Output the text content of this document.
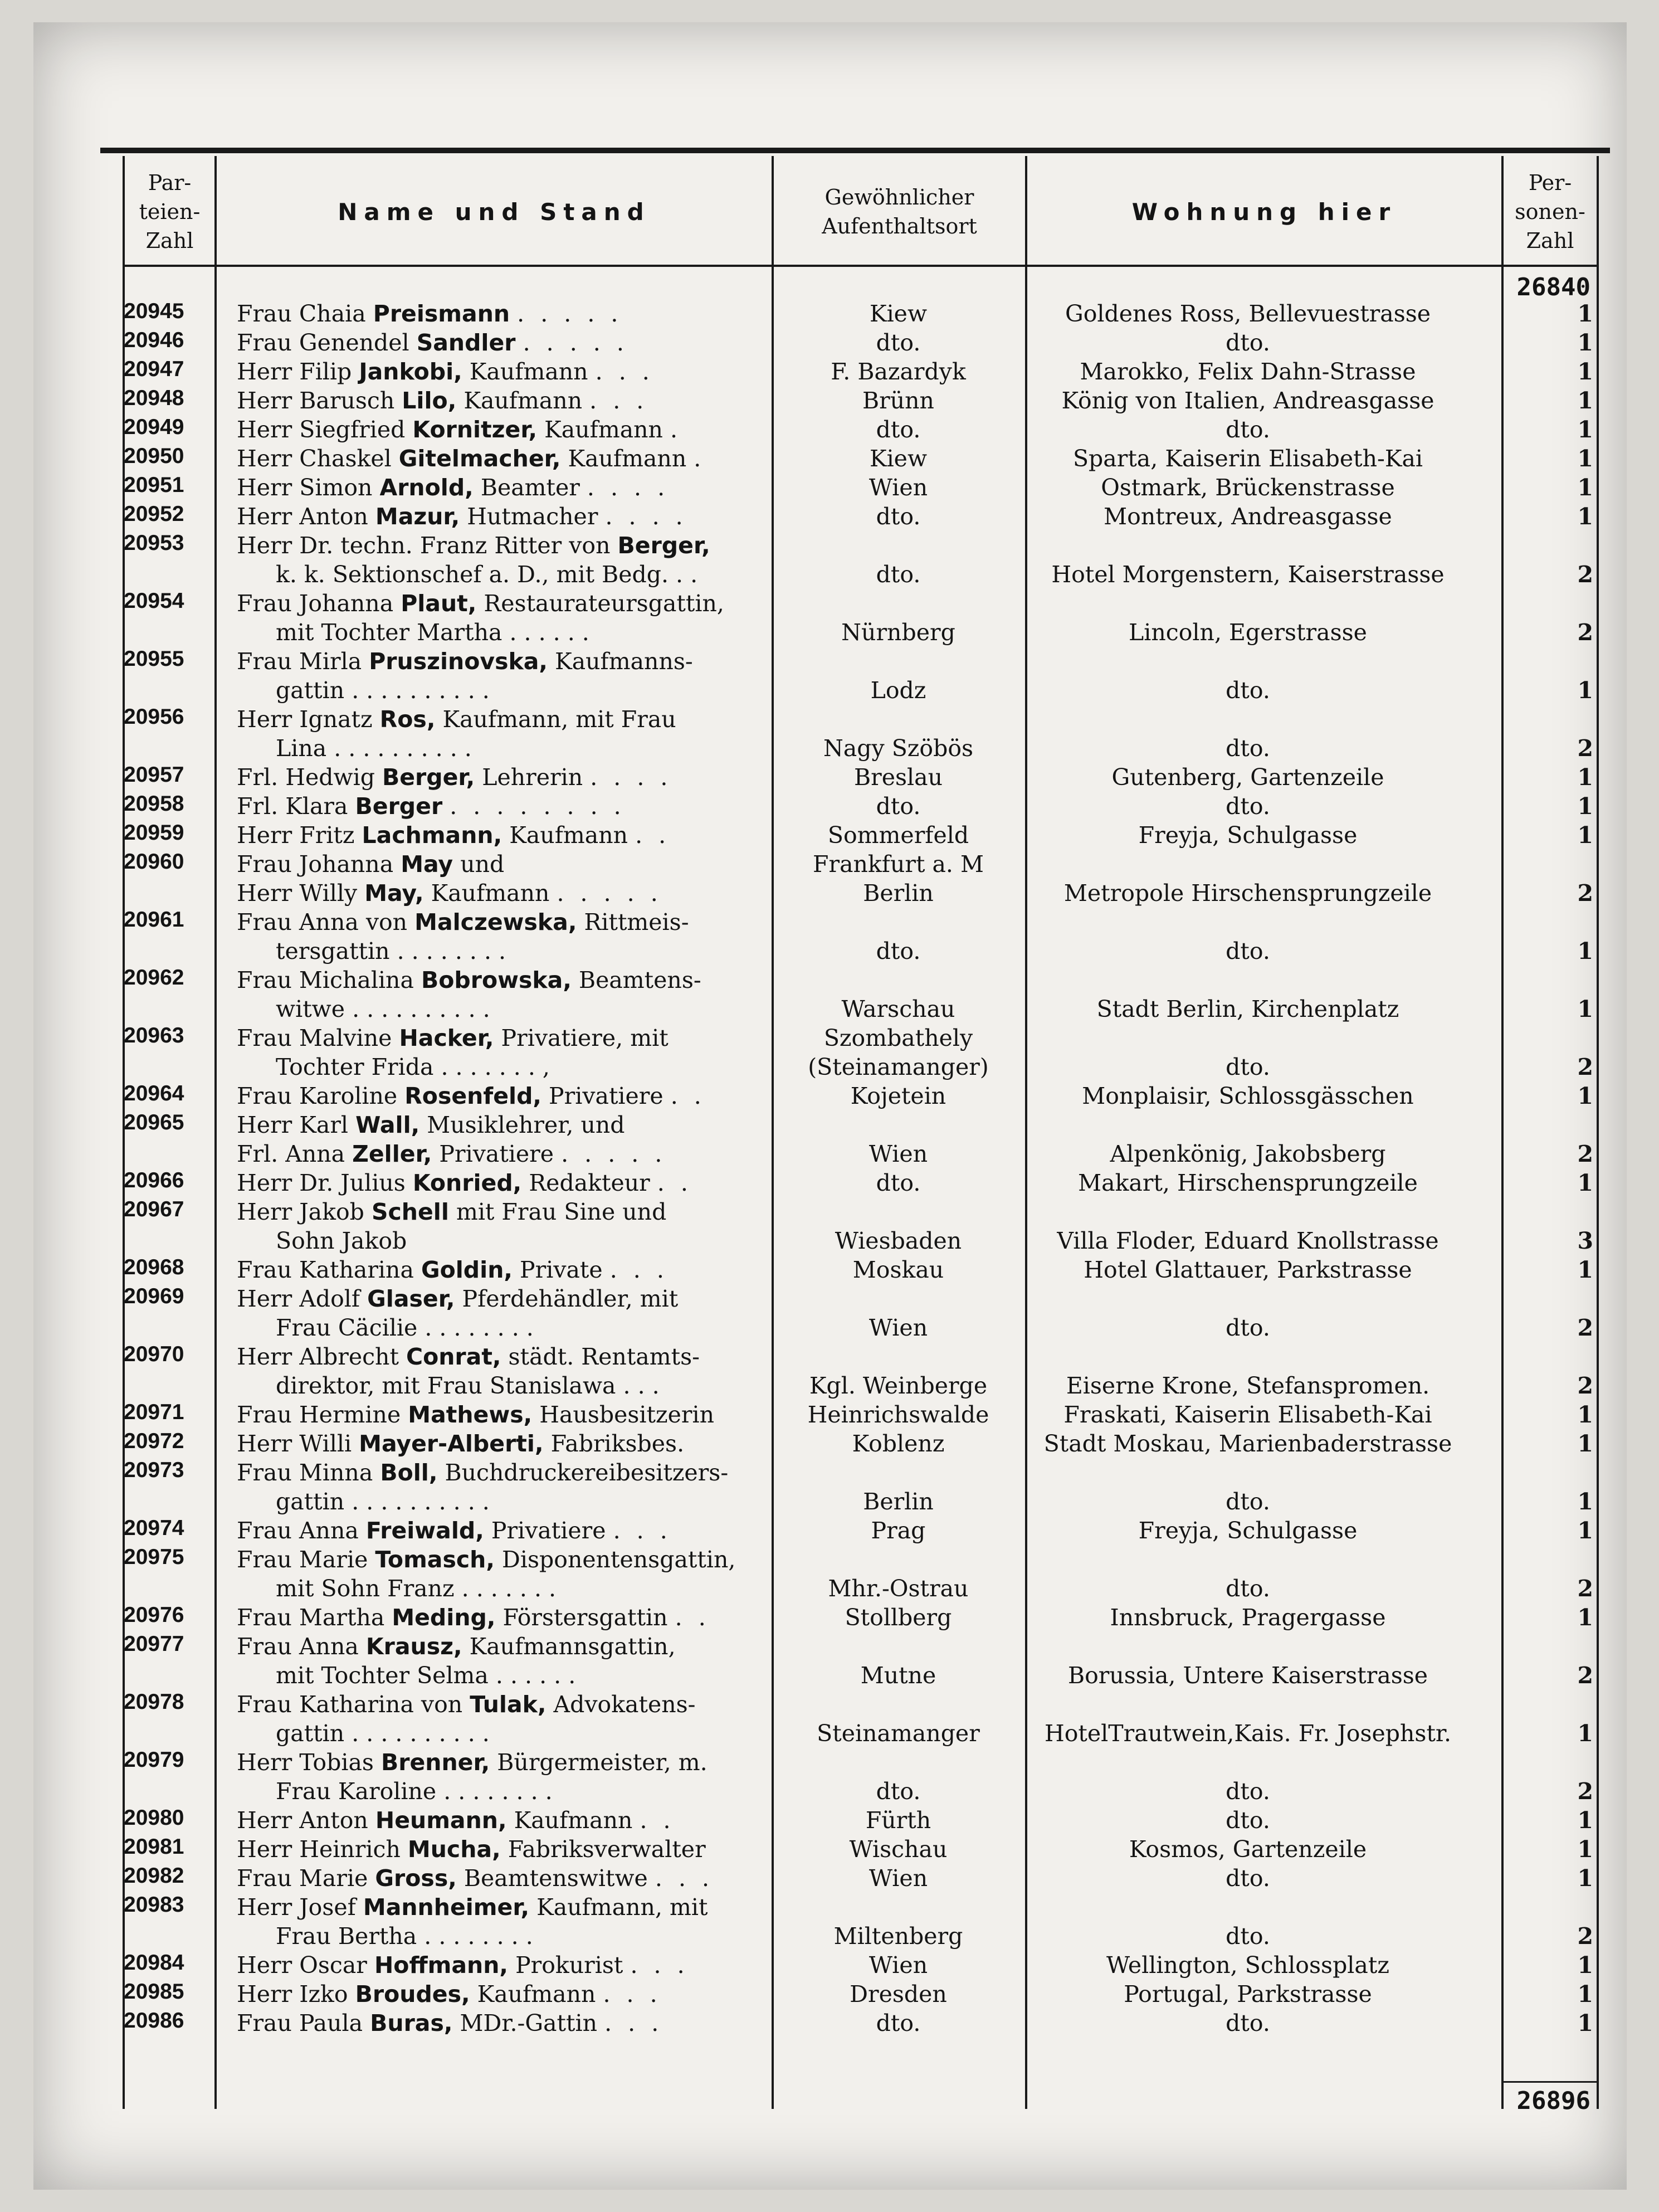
Par-
teien-
Zahl
Name und Stand
Gewöhnlicher
Aufenthaltsort
Wohnung hier
Per-
sonen-
Zahl
26840
20945	Frau Chaia Preismann . . . . .	Kiew	Goldenes Ross, Bellevuestrasse	1
20946	Frau Genendel Sandler . . . . .	dto.	dto.	1
20947	Herr Filip Jankobi, Kaufmann . . .	F. Bazardyk	Marokko, Felix Dahn-Strasse	1
20948	Herr Barusch Lilo, Kaufmann . . .	Brünn	König von Italien, Andreasgasse	1
20949	Herr Siegfried Kornitzer, Kaufmann .	dto.	dto.	1
20950	Herr Chaskel Gitelmacher, Kaufmann .	Kiew	Sparta, Kaiserin Elisabeth-Kai	1
20951	Herr Simon Arnold, Beamter . . . .	Wien	Ostmark, Brückenstrasse	1
20952	Herr Anton Mazur, Hutmacher . . . .	dto.	Montreux, Andreasgasse	1
20953	Herr Dr. techn. Franz Ritter von Berger,
k. k. Sektionschef a. D., mit Bedg. . .	dto.	Hotel Morgenstern, Kaiserstrasse	2
20954	Frau Johanna Plaut, Restaurateursgattin,
mit Tochter Martha . . . . . .	Nürnberg	Lincoln, Egerstrasse	2
20955	Frau Mirla Pruszinovska, Kaufmanns-
gattin . . . . . . . . . .	Lodz	dto.	1
20956	Herr Ignatz Ros, Kaufmann, mit Frau
Lina . . . . . . . . . .	Nagy Szöbös	dto.	2
20957	Frl. Hedwig Berger, Lehrerin . . . .	Breslau	Gutenberg, Gartenzeile	1
20958	Frl. Klara Berger . . . . . . . .	dto.	dto.	1
20959	Herr Fritz Lachmann, Kaufmann . .	Sommerfeld	Freyja, Schulgasse	1
20960	Frau Johanna May und	Frankfurt a. M
Herr Willy May, Kaufmann . . . . .	Berlin	Metropole Hirschensprungzeile	2
20961	Frau Anna von Malczewska, Rittmeis-
tersgattin . . . . . . . .	dto.	dto.	1
20962	Frau Michalina Bobrowska, Beamtens-
witwe . . . . . . . . . .	Warschau	Stadt Berlin, Kirchenplatz	1
20963	Frau Malvine Hacker, Privatiere, mit
Tochter Frida . . . . . . . ,
Szombathely
(Steinamanger)	dto.	2
20964	Frau Karoline Rosenfeld, Privatiere . .	Kojetein	Monplaisir, Schlossgässchen	1
20965	Herr Karl Wall, Musiklehrer, und
Frl. Anna Zeller, Privatiere . . . . .	Wien	Alpenkönig, Jakobsberg	2
20966	Herr Dr. Julius Konried, Redakteur . .	dto.	Makart, Hirschensprungzeile	1
20967	Herr Jakob Schell mit Frau Sine und
Sohn Jakob	Wiesbaden	Villa Floder, Eduard Knollstrasse	3
20968	Frau Katharina Goldin, Private . . .	Moskau	Hotel Glattauer, Parkstrasse	1
20969	Herr Adolf Glaser, Pferdehändler, mit
Frau Cäcilie . . . . . . . .	Wien	dto.	2
20970	Herr Albrecht Conrat, städt. Rentamts-
direktor, mit Frau Stanislawa . . .	Kgl. Weinberge	Eiserne Krone, Stefanspromen.	2
20971	Frau Hermine Mathews, Hausbesitzerin	Heinrichswalde	Fraskati, Kaiserin Elisabeth-Kai	1
20972	Herr Willi Mayer-Alberti, Fabriksbes.	Koblenz	Stadt Moskau, Marienbaderstrasse	1
20973	Frau Minna Boll, Buchdruckereibesitzers-
gattin . . . . . . . . . .	Berlin	dto.	1
20974	Frau Anna Freiwald, Privatiere . . .	Prag	Freyja, Schulgasse	1
20975	Frau Marie Tomasch, Disponentensgattin,
mit Sohn Franz . . . . . . .	Mhr.-Ostrau	dto.	2
20976	Frau Martha Meding, Förstersgattin . .	Stollberg	Innsbruck, Pragergasse	1
20977	Frau Anna Krausz, Kaufmannsgattin,
mit Tochter Selma . . . . . .	Mutne	Borussia, Untere Kaiserstrasse	2
20978	Frau Katharina von Tulak, Advokatens-
gattin . . . . . . . . . .	Steinamanger	HotelTrautwein,Kais. Fr. Josephstr.	1
20979	Herr Tobias Brenner, Bürgermeister, m.
Frau Karoline . . . . . . . .	dto.	dto.	2
20980	Herr Anton Heumann, Kaufmann . .	Fürth	dto.	1
20981	Herr Heinrich Mucha, Fabriksverwalter	Wischau	Kosmos, Gartenzeile	1
20982	Frau Marie Gross, Beamtenswitwe . . .	Wien	dto.	1
20983	Herr Josef Mannheimer, Kaufmann, mit
Frau Bertha . . . . . . . .	Miltenberg	dto.	2
20984	Herr Oscar Hoffmann, Prokurist . . .	Wien	Wellington, Schlossplatz	1
20985	Herr Izko Broudes, Kaufmann . . .	Dresden	Portugal, Parkstrasse	1
20986	Frau Paula Buras, MDr.-Gattin . . .	dto.	dto.	1
26896
